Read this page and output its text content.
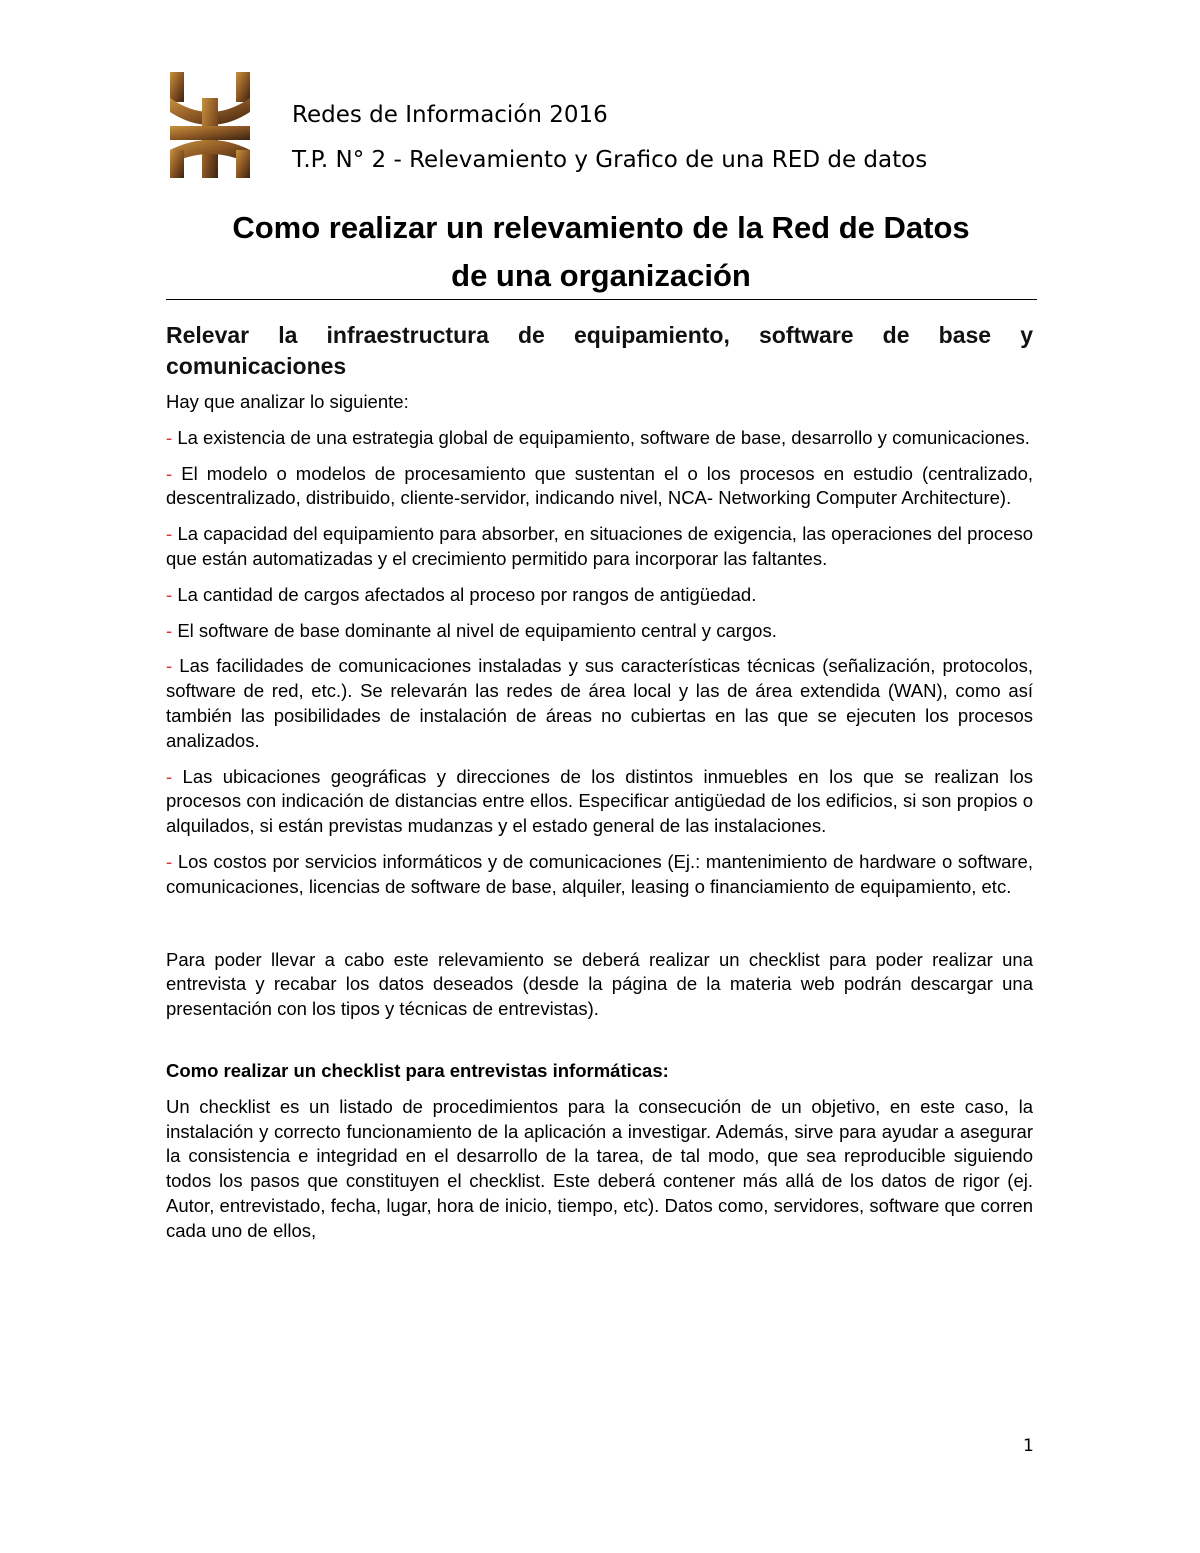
Redes de Información 2016
T.P. N° 2 - Relevamiento y Grafico de una RED de datos
Como realizar un relevamiento de la Red de Datos
de una organización
Relevar la infraestructura de equipamiento, software de base y comunicaciones
Hay que analizar lo siguiente:
- La existencia de una estrategia global de equipamiento, software de base, desarrollo y comunicaciones.
- El modelo o modelos de procesamiento que sustentan el o los procesos en estudio (centralizado, descentralizado, distribuido, cliente-servidor, indicando nivel, NCA- Networking Computer Architecture).
- La capacidad del equipamiento para absorber, en situaciones de exigencia, las operaciones del proceso que están automatizadas y el crecimiento permitido para incorporar las faltantes.
- La cantidad de cargos afectados al proceso por rangos de antigüedad.
- El software de base dominante al nivel de equipamiento central y cargos.
- Las facilidades de comunicaciones instaladas y sus características técnicas (señalización, protocolos, software de red, etc.). Se relevarán las redes de área local y las de área extendida (WAN), como así también las posibilidades de instalación de áreas no cubiertas en las que se ejecuten los procesos analizados.
- Las ubicaciones geográficas y direcciones de los distintos inmuebles en los que se realizan los procesos con indicación de distancias entre ellos. Especificar antigüedad de los edificios, si son propios o alquilados, si están previstas mudanzas y el estado general de las instalaciones.
- Los costos por servicios informáticos y de comunicaciones (Ej.: mantenimiento de hardware o software, comunicaciones, licencias de software de base, alquiler, leasing o financiamiento de equipamiento, etc.
Para poder llevar a cabo este relevamiento se deberá realizar un checklist para poder realizar una entrevista y recabar los datos deseados (desde la página de la materia web podrán descargar una presentación con los tipos y técnicas de entrevistas).
Como realizar un checklist para entrevistas informáticas:
Un checklist es un listado de procedimientos para la consecución de un objetivo, en este caso, la instalación y correcto funcionamiento de la aplicación a investigar. Además, sirve para ayudar a asegurar la consistencia e integridad en el desarrollo de la tarea, de tal modo, que sea reproducible siguiendo todos los pasos que constituyen el checklist. Este deberá contener más allá de los datos de rigor (ej. Autor, entrevistado, fecha, lugar, hora de inicio, tiempo, etc). Datos como, servidores, software que corren cada uno de ellos,
1
